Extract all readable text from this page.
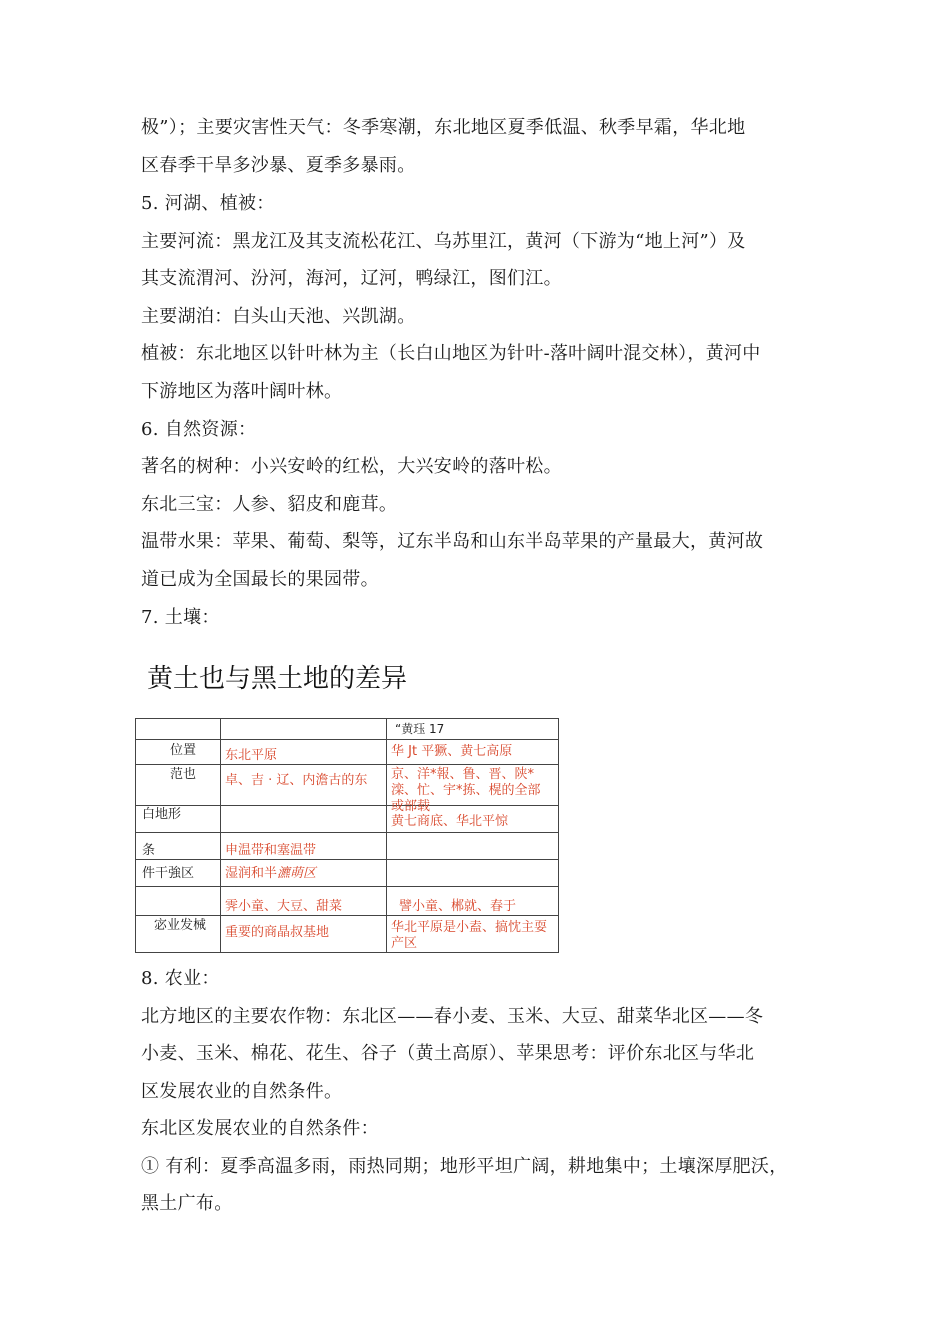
极”）；主要灾害性天气：冬季寒潮，东北地区夏季低温、秋季早霜，华北地
区春季干旱多沙暴、夏季多暴雨。
5. 河湖、植被：
主要河流：黑龙江及其支流松花江、乌苏里江，黄河（下游为“地上河”）及
其支流渭河、汾河，海河，辽河，鸭绿江，图们江。
主要湖泊：白头山天池、兴凯湖。
植被：东北地区以针叶林为主（长白山地区为针叶-落叶阔叶混交林），黄河中
下游地区为落叶阔叶林。
6. 自然资源：
著名的树种：小兴安岭的红松，大兴安岭的落叶松。
东北三宝：人参、貂皮和鹿茸。
温带水果：苹果、葡萄、梨等，辽东半岛和山东半岛苹果的产量最大，黄河故
道已成为全国最长的果园带。
7. 土壤：
黄土也与黑土地的差异
		“黄珏 17
位置	东北平原	华 Jt 平獗、黄七高原
范也	卓、吉 · 辽、内澹古的东	京、洋*報、鲁、晋、陕* 滦、忙、宇*拣、榥的全部 或部载

白地形		黄七商底、华北平惊
条	申温带和塞温带	
件干強区	湿润和半瀌萌区	
	霁小童、大豆、甜菜	譬小童、郴就、春于
宓业发械	重要的商晶叔基地	华北平原是小盍、搞忱主耍 产区
8. 农业：
北方地区的主要农作物：东北区——春小麦、玉米、大豆、甜菜华北区——冬
小麦、玉米、棉花、花生、谷子（黄土高原）、苹果思考：评价东北区与华北
区发展农业的自然条件。
东北区发展农业的自然条件：
① 有利：夏季高温多雨，雨热同期；地形平坦广阔，耕地集中；土壤深厚肥沃，
黑土广布。
